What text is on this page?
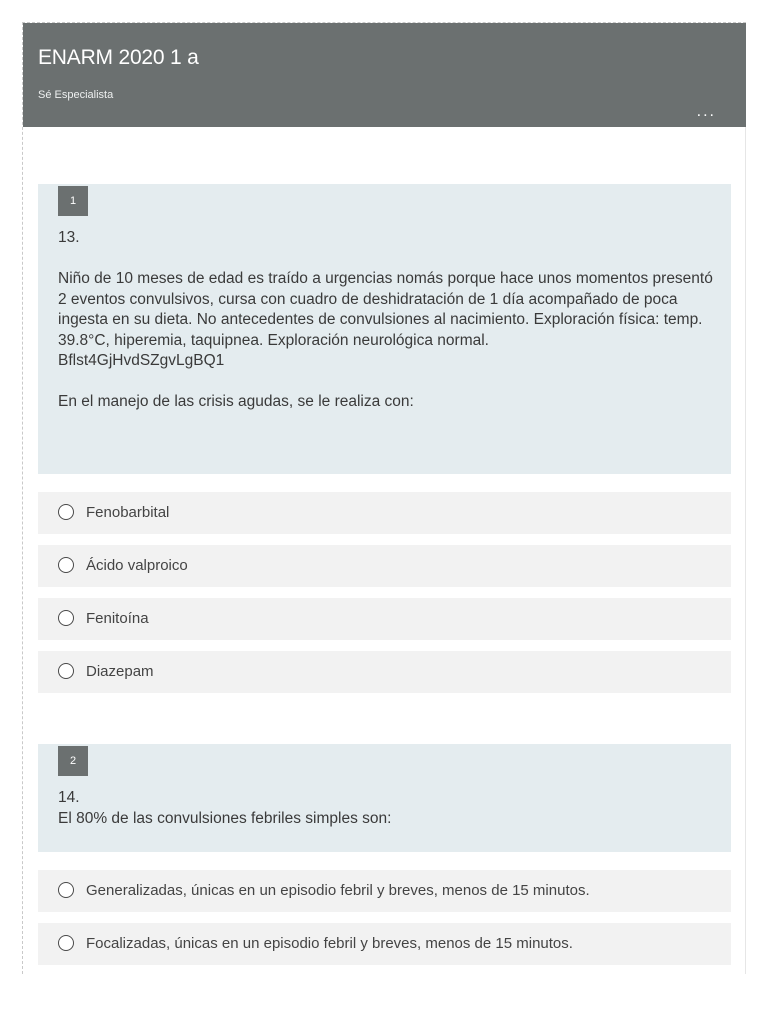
ENARM 2020 1 a
Sé Especialista
...
1
13.

Niño de 10 meses de edad es traído a urgencias nomás porque hace unos momentos presentó 2 eventos convulsivos, cursa con cuadro de deshidratación de 1 día acompañado de poca ingesta en su dieta. No antecedentes de convulsiones al nacimiento. Exploración física: temp. 39.8°C, hiperemia, taquipnea. Exploración neurológica normal.
Bflst4GjHvdSZgvLgBQ1

En el manejo de las crisis agudas, se le realiza con:
Fenobarbital
Ácido valproico
Fenitoína
Diazepam
2
14.
El 80% de las convulsiones febriles simples son:
Generalizadas, únicas en un episodio febril y breves, menos de 15 minutos.
Focalizadas, únicas en un episodio febril y breves, menos de 15 minutos.
